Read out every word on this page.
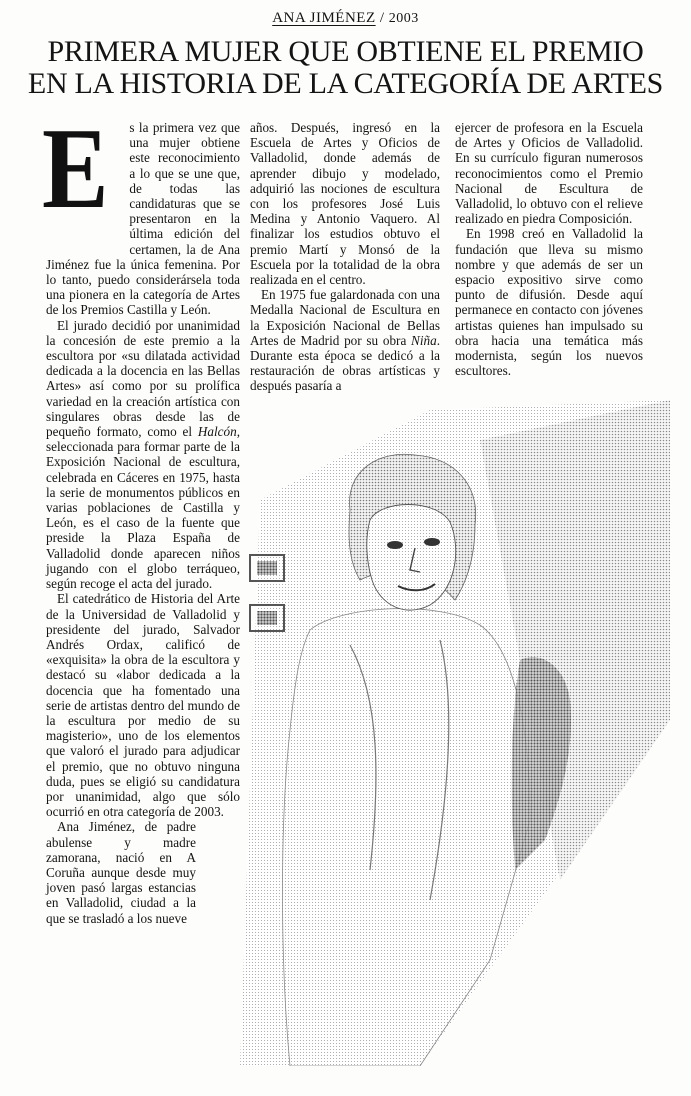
ANA JIMÉNEZ / 2003
PRIMERA MUJER QUE OBTIENE EL PREMIO
EN LA HISTORIA DE LA CATEGORÍA DE ARTES

E s la primera vez que una mujer obtiene este reconocimiento a lo que se une que, de todas las candidaturas que se presentaron en la última edición del certamen, la de Ana Jiménez fue la única femenina. Por lo tanto, puedo considerársela toda una pionera en la categoría de Artes de los Premios Castilla y León.

El jurado decidió por unanimidad la concesión de este premio a la escultora por «su dilatada actividad dedicada a la docencia en las Bellas Artes» así como por su prolífica variedad en la creación artística con singulares obras desde las de pequeño formato, como el Halcón, seleccionada para formar parte de la Exposición Nacional de escultura, celebrada en Cáceres en 1975, hasta la serie de monumentos públicos en varias poblaciones de Castilla y León, es el caso de la fuente que preside la Plaza España de Valladolid donde aparecen niños jugando con el globo terráqueo, según recoge el acta del jurado.

El catedrático de Historia del Arte de la Universidad de Valladolid y presidente del jurado, Salvador Andrés Ordax, calificó de «exquisita» la obra de la escultora y destacó su «labor dedicada a la docencia que ha fomentado una serie de artistas dentro del mundo de la escultura por medio de su magisterio», uno de los elementos que valoró el jurado para adjudicar el premio, que no obtuvo ninguna duda, pues se eligió su candidatura por unanimidad, algo que sólo ocurrió en otra categoría de 2003.

Ana Jiménez, de padre abulense y madre zamorana, nació en A Coruña aunque desde muy joven pasó largas estancias en Valladolid, ciudad a la que se trasladó a los nueve

años. Después, ingresó en la Escuela de Artes y Oficios de Valladolid, donde además de aprender dibujo y modelado, adquirió las nociones de escultura con los profesores José Luis Medina y Antonio Vaquero. Al finalizar los estudios obtuvo el premio Martí y Monsó de la Escuela por la totalidad de la obra realizada en el centro.

En 1975 fue galardonada con una Medalla Nacional de Escultura en la Exposición Nacional de Bellas Artes de Madrid por su obra Niña. Durante esta época se dedicó a la restauración de obras artísticas y después pasaría a

ejercer de profesora en la Escuela de Artes y Oficios de Valladolid. En su currículo figuran numerosos reconocimientos como el Premio Nacional de Escultura de Valladolid, lo obtuvo con el relieve realizado en piedra Composición.

En 1998 creó en Valladolid la fundación que lleva su mismo nombre y que además de ser un espacio expositivo sirve como punto de difusión. Desde aquí permanece en contacto con jóvenes artistas quienes han impulsado su obra hacia una temática más modernista, según los nuevos escultores.
